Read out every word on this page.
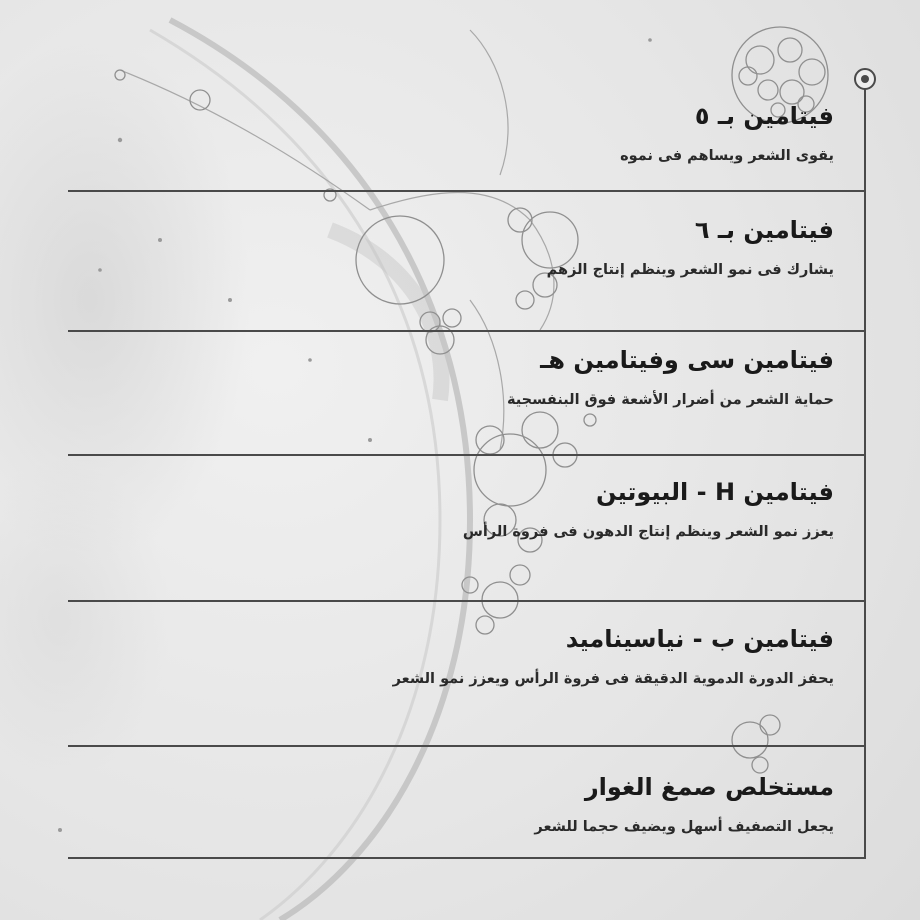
فيتامين بـ ٥
يقوى الشعر ويساهم فى نموه
فيتامين بـ ٦
يشارك فى نمو الشعر وينظم إنتاج الزهم
فيتامين سى وفيتامين هـ
حماية الشعر من أضرار الأشعة فوق البنفسجية
فيتامين H - البيوتين
يعزز نمو الشعر وينظم إنتاج الدهون فى فروة الرأس
فيتامين ب - نياسيناميد
يحفز الدورة الدموية الدقيقة فى فروة الرأس ويعزز نمو الشعر
مستخلص صمغ الغوار
يجعل التصفيف أسهل ويضيف حجما للشعر
